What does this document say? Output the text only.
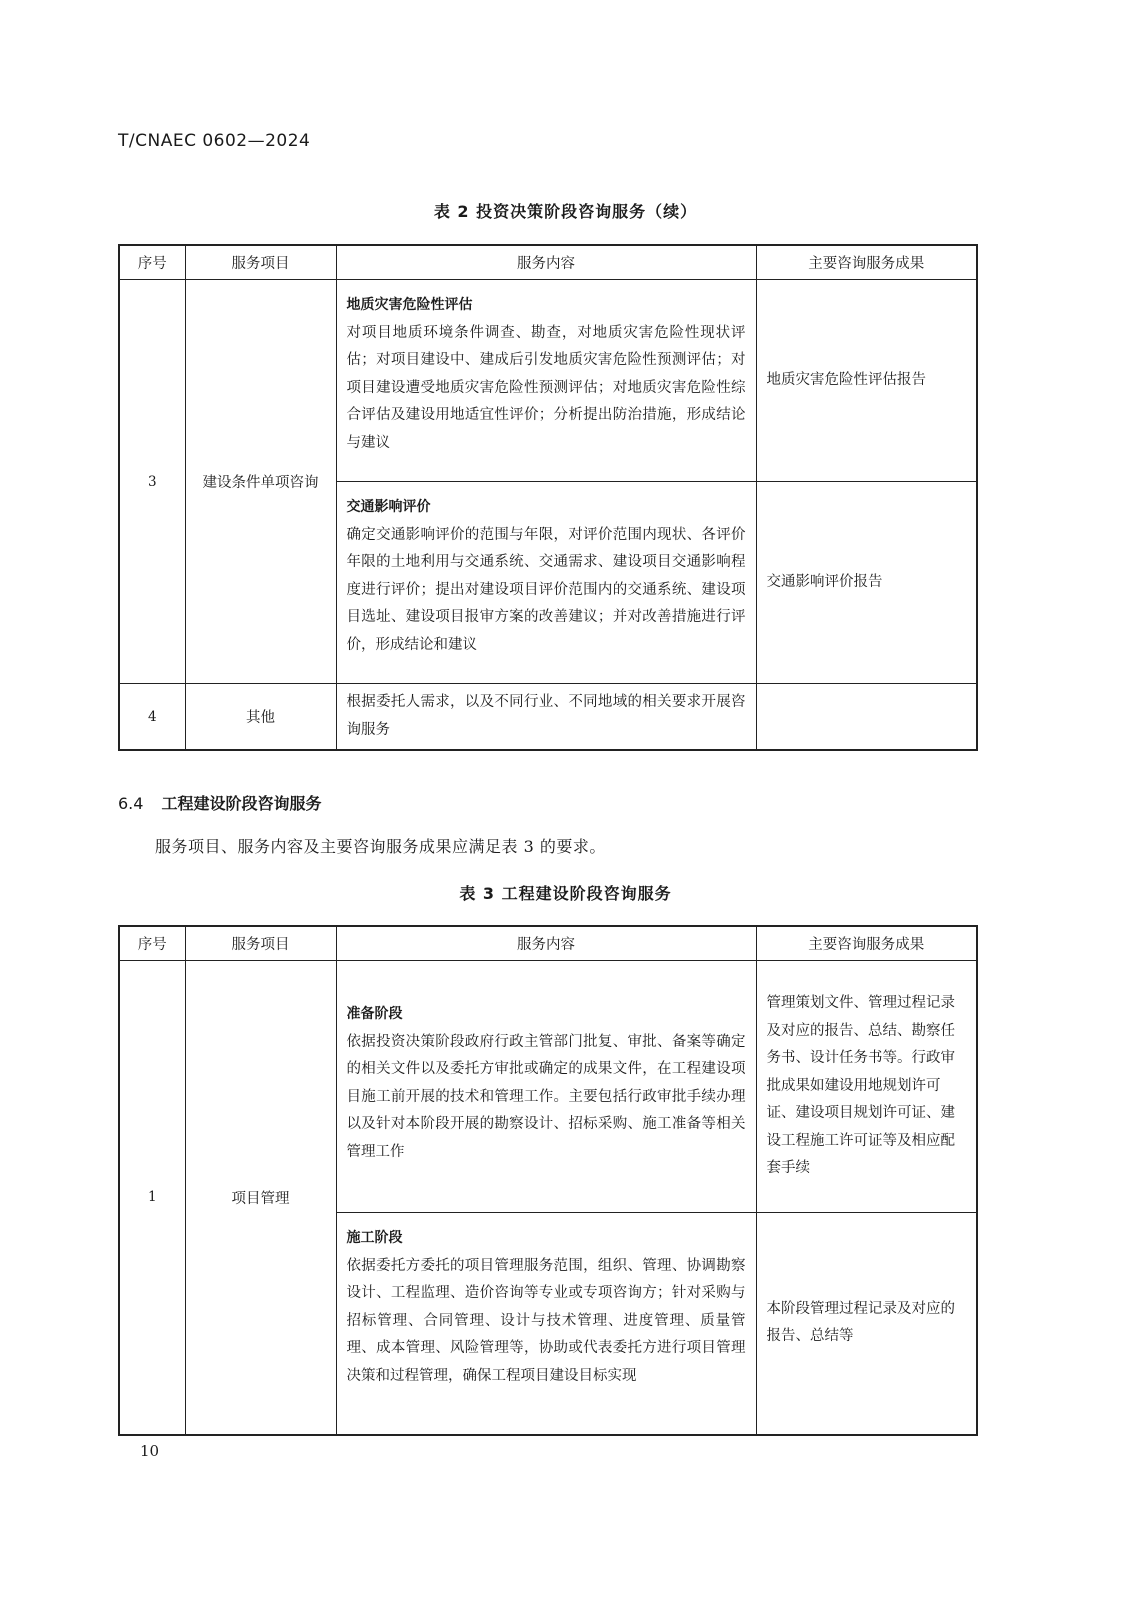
T/CNAEC 0602—2024
表 2 投资决策阶段咨询服务（续）
序号	服务项目	服务内容	主要咨询服务成果
3	建设条件单项咨询	地质灾害危险性评估
对项目地质环境条件调查、勘查，对地质灾害危险性现状评估；对项目建设中、建成后引发地质灾害危险性预测评估；对项目建设遭受地质灾害危险性预测评估；对地质灾害危险性综合评估及建设用地适宜性评价；分析提出防治措施，形成结论与建议	地质灾害危险性评估报告

		交通影响评价
确定交通影响评价的范围与年限，对评价范围内现状、各评价年限的土地利用与交通系统、交通需求、建设项目交通影响程度进行评价；提出对建设项目评价范围内的交通系统、建设项目选址、建设项目报审方案的改善建议；并对改善措施进行评价，形成结论和建议	交通影响评价报告
4	其他	根据委托人需求，以及不同行业、不同地域的相关要求开展咨询服务	
6.4 工程建设阶段咨询服务
服务项目、服务内容及主要咨询服务成果应满足表 3 的要求。
表 3 工程建设阶段咨询服务
序号	服务项目	服务内容	主要咨询服务成果
1	项目管理	准备阶段
依据投资决策阶段政府行政主管部门批复、审批、备案等确定的相关文件以及委托方审批或确定的成果文件，在工程建设项目施工前开展的技术和管理工作。主要包括行政审批手续办理以及针对本阶段开展的勘察设计、招标采购、施工准备等相关管理工作	管理策划文件、管理过程记录及对应的报告、总结、勘察任务书、设计任务书等。行政审批成果如建设用地规划许可证、建设项目规划许可证、建设工程施工许可证等及相应配套手续

		施工阶段
依据委托方委托的项目管理服务范围，组织、管理、协调勘察设计、工程监理、造价咨询等专业或专项咨询方；针对采购与招标管理、合同管理、设计与技术管理、进度管理、质量管理、成本管理、风险管理等，协助或代表委托方进行项目管理决策和过程管理，确保工程项目建设目标实现	本阶段管理过程记录及对应的报告、总结等
10
